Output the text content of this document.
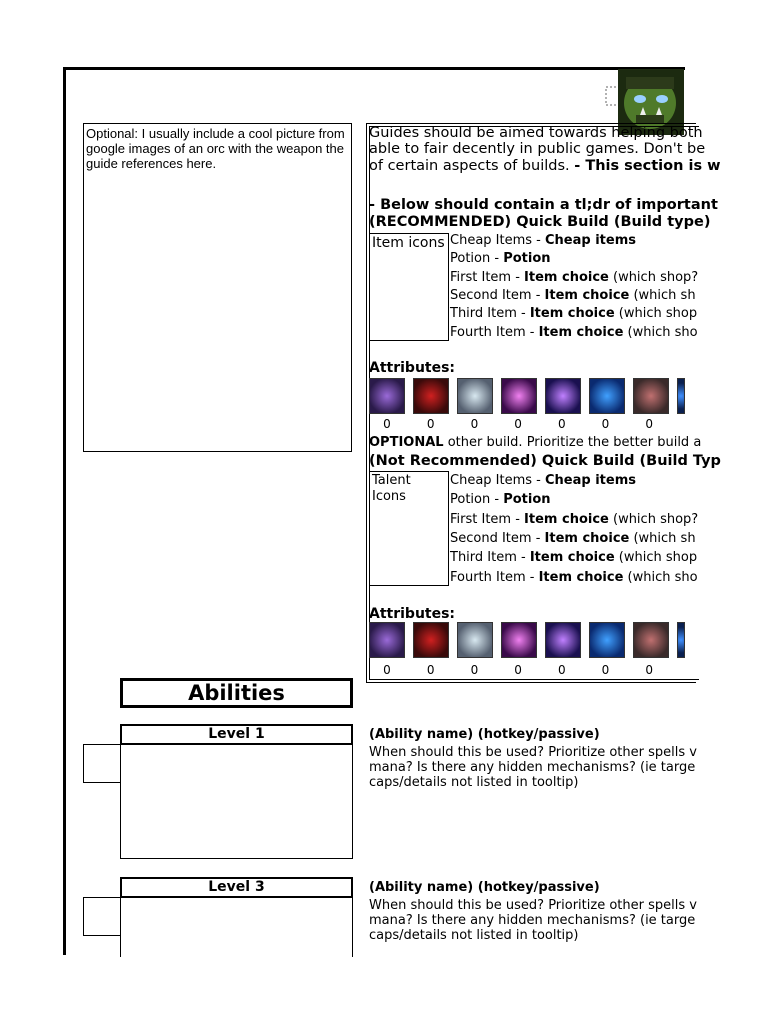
Optional: I usually include a cool picture from google images of an orc with the weapon the guide references here.
Guides should be aimed towards helping both
able to fair decently in public games. Don't be
of certain aspects of builds. - This section is w
- Below should contain a tl;dr of important
(RECOMMENDED) Quick Build (Build type)
Item icons Cheap Items - Cheap items
Potion - Potion
First Item - Item choice (which shop?
Second Item - Item choice (which sh
Third Item - Item choice (which shop
Fourth Item - Item choice (which sho
Attributes:
0	0	0	0	0	0	0
OPTIONAL other build. Prioritize the better build a
(Not Recommended) Quick Build (Build Typ
Talent
Icons
Cheap Items - Cheap items
Potion - Potion
First Item - Item choice (which shop?
Second Item - Item choice (which sh
Third Item - Item choice (which shop
Fourth Item - Item choice (which sho
Attributes:
0	0	0	0	0	0	0
Abilities
Level 1	(Ability name) (hotkey/passive)
When should this be used? Prioritize other spells v
mana? Is there any hidden mechanisms? (ie targe
caps/details not listed in tooltip)
Level 3	(Ability name) (hotkey/passive)
When should this be used? Prioritize other spells v
mana? Is there any hidden mechanisms? (ie targe
caps/details not listed in tooltip)
